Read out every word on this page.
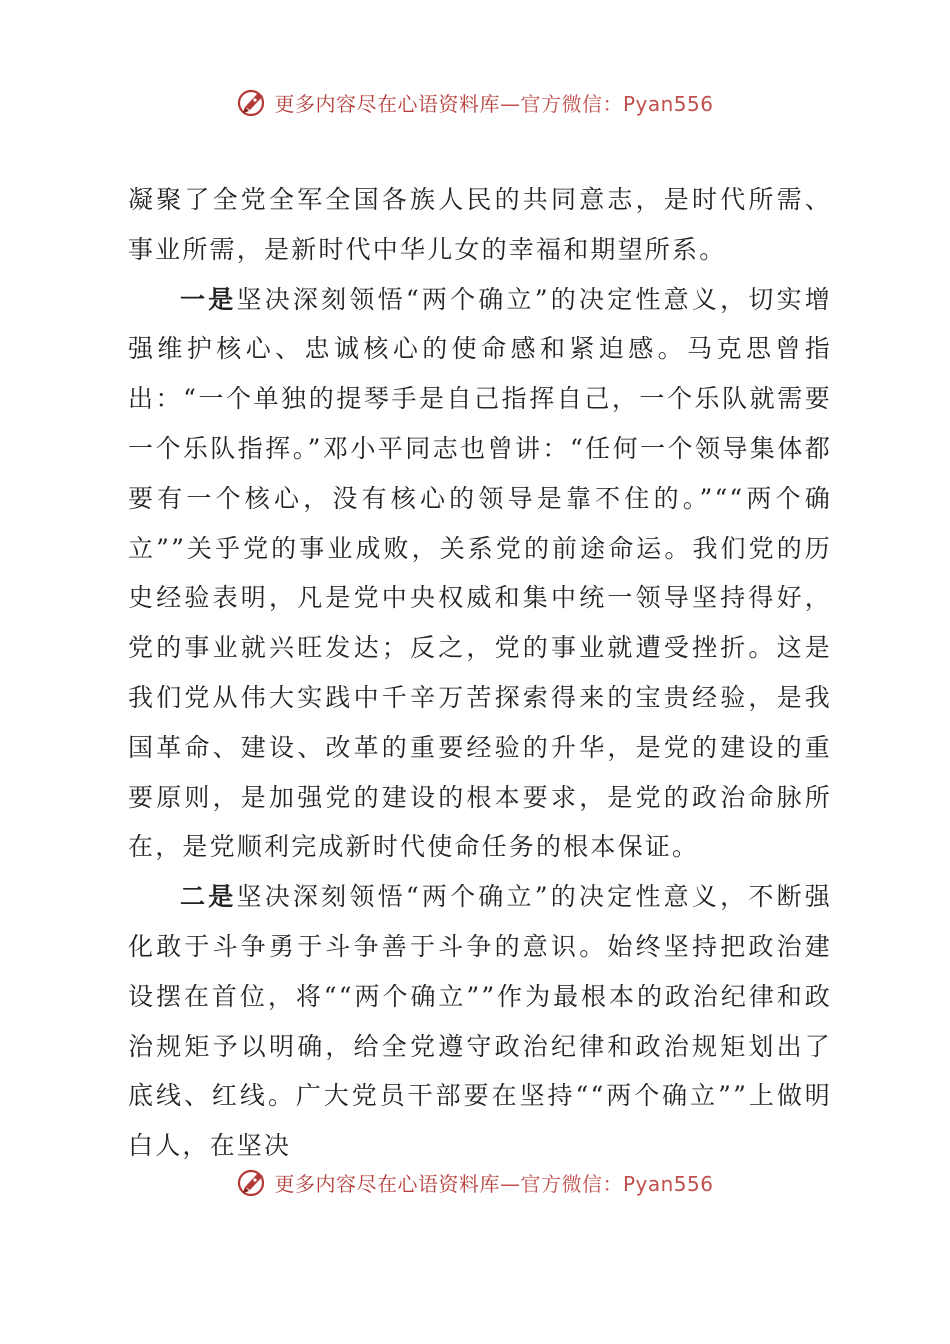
更多内容尽在心语资料库—官方微信：Pyan556

凝聚了全党全军全国各族人民的共同意志，是时代所需、事业所需，是新时代中华儿女的幸福和期望所系。

一是坚决深刻领悟“两个确立”的决定性意义，切实增强维护核心、忠诚核心的使命感和紧迫感。马克思曾指出：“一个单独的提琴手是自己指挥自己，一个乐队就需要一个乐队指挥。”邓小平同志也曾讲：“任何一个领导集体都要有一个核心，没有核心的领导是靠不住的。”““两个确立””关乎党的事业成败，关系党的前途命运。我们党的历史经验表明，凡是党中央权威和集中统一领导坚持得好，党的事业就兴旺发达；反之，党的事业就遭受挫折。这是我们党从伟大实践中千辛万苦探索得来的宝贵经验，是我国革命、建设、改革的重要经验的升华，是党的建设的重要原则，是加强党的建设的根本要求，是党的政治命脉所在，是党顺利完成新时代使命任务的根本保证。

二是坚决深刻领悟“两个确立”的决定性意义，不断强化敢于斗争勇于斗争善于斗争的意识。始终坚持把政治建设摆在首位，将““两个确立””作为最根本的政治纪律和政治规矩予以明确，给全党遵守政治纪律和政治规矩划出了底线、红线。广大党员干部要在坚持““两个确立””上做明白人，在坚决

更多内容尽在心语资料库—官方微信：Pyan556
